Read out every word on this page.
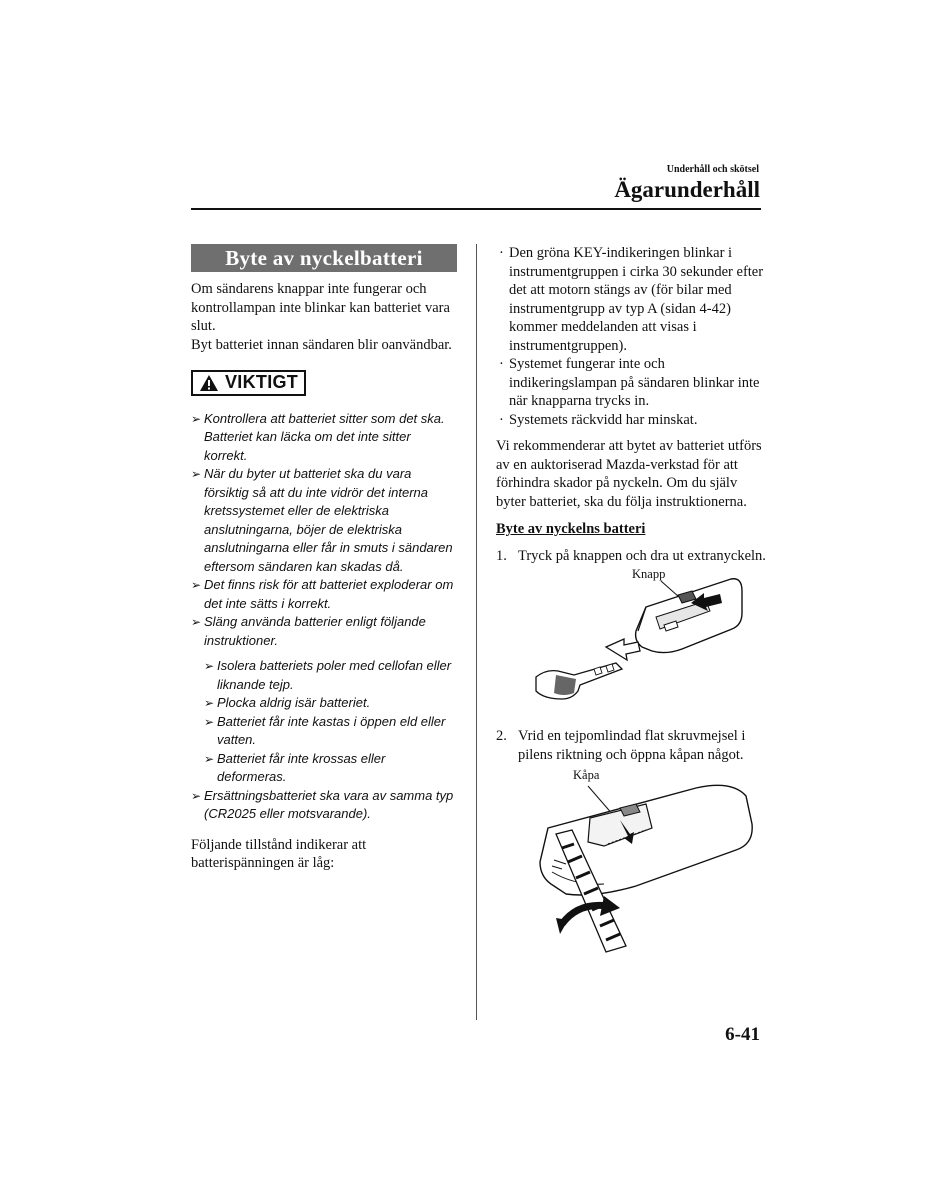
Underhåll och skötsel
Ägarunderhåll
Byte av nyckelbatteri

Om sändarens knappar inte fungerar och kontrollampan inte blinkar kan batteriet vara slut.

Byt batteriet innan sändaren blir oanvändbar.

VIKTIGT
➢ Kontrollera att batteriet sitter som det ska. Batteriet kan läcka om det inte sitter korrekt.
➢ När du byter ut batteriet ska du vara försiktig så att du inte vidrör det interna kretssystemet eller de elektriska anslutningarna, böjer de elektriska anslutningarna eller får in smuts i sändaren eftersom sändaren kan skadas då.
➢ Det finns risk för att batteriet exploderar om det inte sätts i korrekt.
➢ Släng använda batterier enligt följande instruktioner.
➢ Isolera batteriets poler med cellofan eller liknande tejp.
➢ Plocka aldrig isär batteriet.
➢ Batteriet får inte kastas i öppen eld eller vatten.
➢ Batteriet får inte krossas eller deformeras.
➢ Ersättningsbatteriet ska vara av samma typ (CR2025 eller motsvarande).

Följande tillstånd indikerar att batterispänningen är låg:

· Den gröna KEY-indikeringen blinkar i instrumentgruppen i cirka 30 sekunder efter det att motorn stängs av (för bilar med instrumentgrupp av typ A (sidan 4-42) kommer meddelanden att visas i instrumentgruppen).
· Systemet fungerar inte och indikeringslampan på sändaren blinkar inte när knapparna trycks in.
· Systemets räckvidd har minskat.

Vi rekommenderar att bytet av batteriet utförs av en auktoriserad Mazda-verkstad för att förhindra skador på nyckeln. Om du själv byter batteriet, ska du följa instruktionerna.

Byte av nyckelns batteri
1. Tryck på knappen och dra ut extranyckeln.
Knapp
2. Vrid en tejpomlindad flat skruvmejsel i pilens riktning och öppna kåpan något.
Kåpa
6-41
